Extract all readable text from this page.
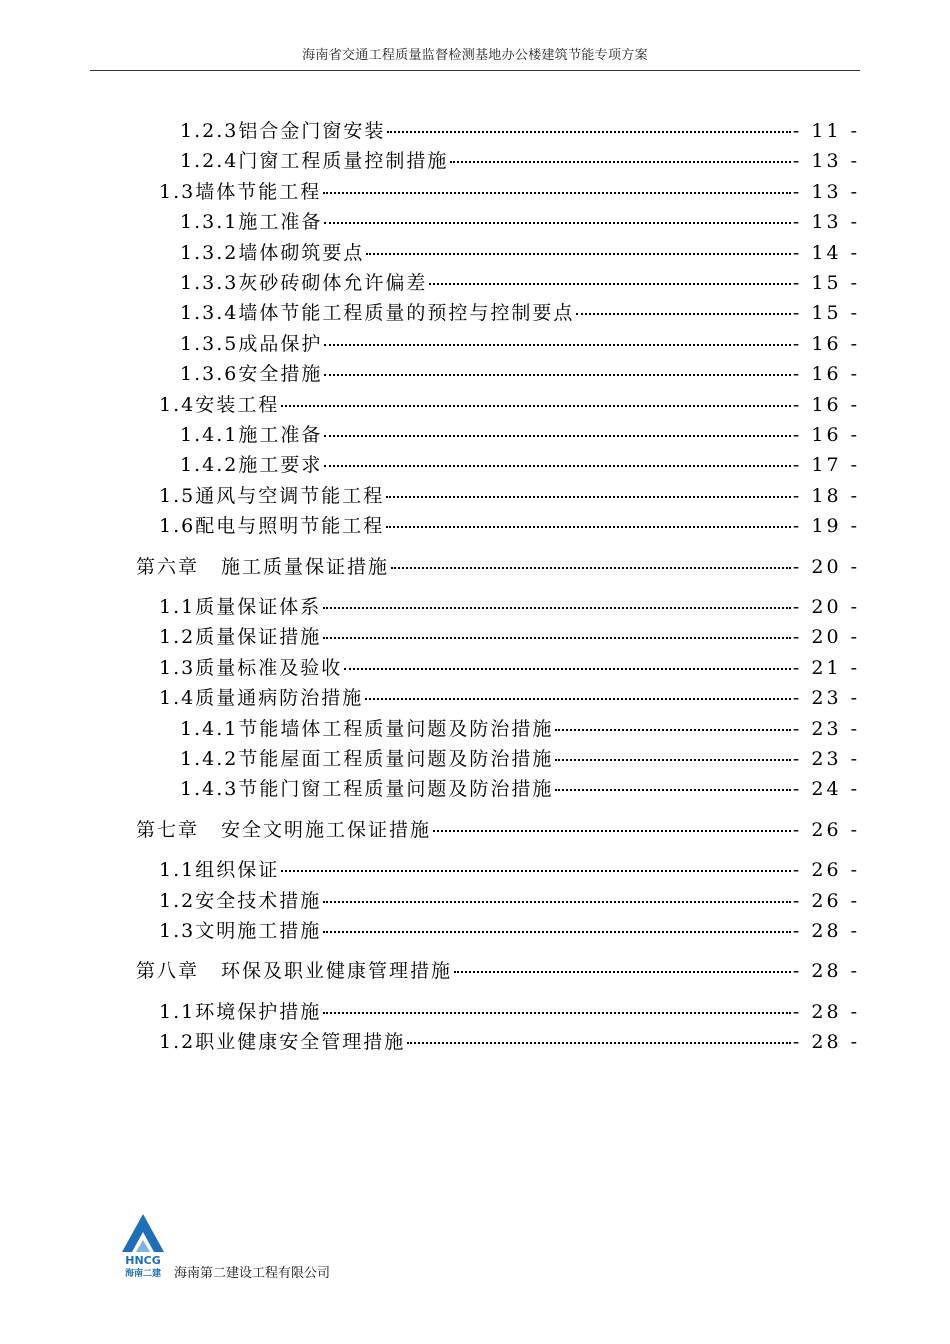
海南省交通工程质量监督检测基地办公楼建筑节能专项方案
1.2.3铝合金门窗安装	- 11 -
1.2.4门窗工程质量控制措施	- 13 -
1.3墙体节能工程	- 13 -
1.3.1施工准备	- 13 -
1.3.2墙体砌筑要点	- 14 -
1.3.3灰砂砖砌体允许偏差	- 15 -
1.3.4墙体节能工程质量的预控与控制要点	- 15 -
1.3.5成品保护	- 16 -
1.3.6安全措施	- 16 -
1.4安装工程	- 16 -
1.4.1施工准备	- 16 -
1.4.2施工要求	- 17 -
1.5通风与空调节能工程	- 18 -
1.6配电与照明节能工程	- 19 -
第六章 施工质量保证措施	- 20 -
1.1质量保证体系	- 20 -
1.2质量保证措施	- 20 -
1.3质量标准及验收	- 21 -
1.4质量通病防治措施	- 23 -
1.4.1节能墙体工程质量问题及防治措施	- 23 -
1.4.2节能屋面工程质量问题及防治措施	- 23 -
1.4.3节能门窗工程质量问题及防治措施	- 24 -
第七章 安全文明施工保证措施	- 26 -
1.1组织保证	- 26 -
1.2安全技术措施	- 26 -
1.3文明施工措施	- 28 -
第八章 环保及职业健康管理措施	- 28 -
1.1环境保护措施	- 28 -
1.2职业健康安全管理措施	- 28 -
HNCG
海南二建 海南第二建设工程有限公司
